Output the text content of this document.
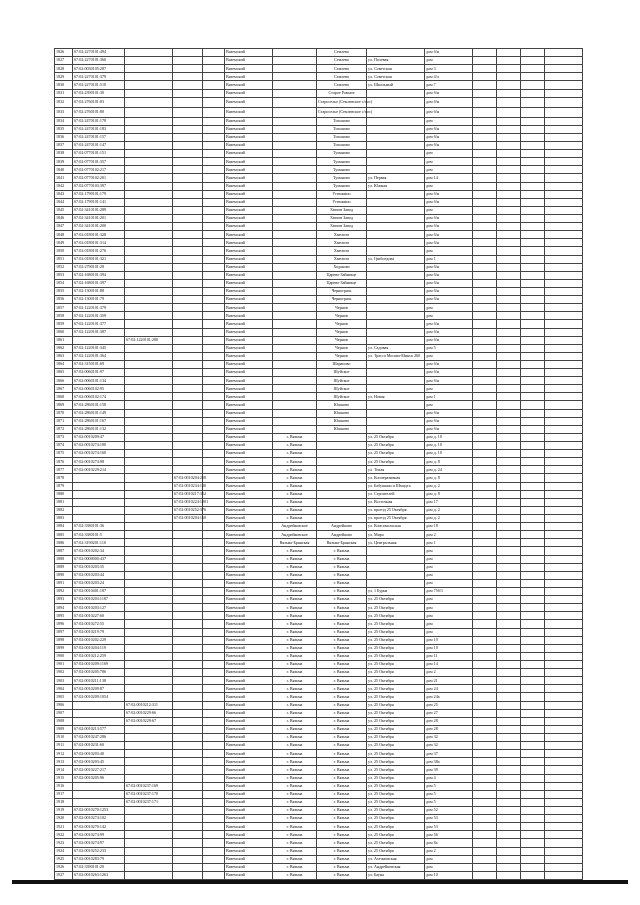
1826	67:02:2270101:494				Вяземский		Семлево		дом б/н				
1827	67:02:2270101:360				Вяземский		Семлево	ул. Полевая	дом				
1828	67:02:0030105:287				Вяземский		Семлево	ул. Советская	дом 3				
1829	67:02:2270101:379				Вяземский		Семлево	ул. Советская	дом 4/л				
1830	67:02:2270101:510				Вяземский		Семлево	ул. Школьный	дом 7				
1831	67:02:2390101:30				Вяземский		Старое Рамное		дом б/н				
1832	67:02:2760101:83				Вяземский		Староселье (Семлевское с/пос)		дом б/н				
1833	67:02:2760101:80				Вяземский		Староселье (Семлевское с/пос)		дом б/н				
1834	67:02:2470101:178				Вяземский		Тихоново		дом				
1835	67:02:2470101:183				Вяземский		Тихоново		дом б/н				
1836	67:02:2470101:157				Вяземский		Тихоново		дом б/н				
1837	67:02:2470101:147				Вяземский		Тихоново		дом б/н				
1838	67:02:0770101:151				Вяземский		Туманово		дом				
1839	67:02:0770101:357				Вяземский		Туманово		дом				
1840	67:02:0770102:217				Вяземский		Туманово		дом				
1841	67:02:0770102:201				Вяземский		Туманово	ул. Первая	дом 14				
1842	67:02:0770103:397				Вяземский		Туманово	ул. Южная	дом				
1843	67:02:1790101:179				Вяземский		Устюжино		дом б/н				
1844	67:02:1790101:141				Вяземский		Устюжино		дом б/н				
1845	67:02:3410101:289				Вяземский		Хватов Завод		дом				
1846	67:02:3410101:201				Вяземский		Хватов Завод		дом б/н				
1847	67:02:3410101:200				Вяземский		Хватов Завод		дом б/н				
1848	67:02:0180101:328				Вяземский		Хмелита		дом б/н				
1849	67:02:0180101:314				Вяземский		Хмелита		дом б/н				
1850	67:02:0180101:276				Вяземский		Хмелита		дом				
1851	67:02:0180101:321				Вяземский		Хмелита	ул. Грибоедова	дом 1				
1852	67:02:2790101:28				Вяземский		Ходаково		дом б/н				
1853	67:02:1680101:394				Вяземский		Царево-Займище		дом б/н				
1854	67:02:1680101:397				Вяземский		Царево-Займище		дом б/н				
1855	67:02:1300101:88				Вяземский		Черногрязь		дом б/н				
1856	67:02:1300101:79				Вяземский		Черногрязь		дом б/н				
1857	67:02:1220101:379				Вяземский		Чернов		дом				
1858	67:02:1220101:359				Вяземский		Чернов		дом				
1859	67:02:1220101:377				Вяземский		Чернов		дом б/н				
1860	67:02:1220101:387				Вяземский		Чернов		дом б/н				
1861		67:02:1220101:280			Вяземский		Чернов		дом б/н				
1862	67:02:1220101:345				Вяземский		Чернов	ул. Садовая	дом 5				
1863	67:02:1220101:364				Вяземский		Чернов	ул. Трасса Москва-Минск 260	дом				
1864	67:02:3150101:69				Вяземский		Шарапово		дом б/н				
1865	67:02:0060101:97				Вяземский		Шуйское		дом б/н				
1866	67:02:0060101:134				Вяземский		Шуйское		дом б/н				
1867	67:02:0060102:95				Вяземский		Шуйское		дом				
1868	67:02:0060102:174				Вяземский		Шуйское	ул. Новая	дом 1				
1869	67:02:2860101:158				Вяземский		Юшково		дом				
1870	67:02:2860101:149				Вяземский		Юшково		дом б/н				
1871	67:02:2860101:167				Вяземский		Юшково		дом б/н				
1872	67:02:2860101:132				Вяземский		Юшково		дом б/н				
1873	67:02:0010209:47				Вяземский	г. Вязьма		ул. 25 Октября	дом д. 10				
1874	67:02:0010274:180				Вяземский	г. Вязьма		ул. 25 Октября	дом д. 10				
1875	67:02:0010274:160				Вяземский	г. Вязьма		ул. 25 Октября	дом д. 10				
1876	67:02:0010274:98				Вяземский	г. Вязьма		ул. 25 Октября	дом д. 8				
1877	67:02:0010229:214				Вяземский	г. Вязьма		ул. Тихая	дом д. 24				
1878			67:02:0010204:258		Вяземский	г. Вязьма		ул. Кооперативная	дом д. 8				
1879			67:02:0010234:120		Вяземский	г. Вязьма		ул. Бабушкин и Шмидта	дом д. 2				
1880			67:02:0010217:352		Вяземский	г. Вязьма		ул. Строителей	дом д. 8				
1881			67:02:0010224:1001		Вяземский	г. Вязьма		ул. Восточная	дом 17				
1882			67:02:0010252:376		Вяземский	г. Вязьма		ул. проезд 25 Октября	дом д. 2				
1883			67:02:0010204:160		Вяземский	г. Вязьма		ул. проезд 25 Октября	дом д. 2				
1884	67:02:3380101:36				Вяземский	Андрейковское	Андрейково	ул. Комсомольская	дом 18				
1885	67:02:3380101:5				Вяземский	Андрейковское	Андрейково	ул. Мира	дом 2				
1886	67:02:3190201:110				Вяземский	Вязьма-Брянская	Вязьма-Брянская	ул. Центральная	дом 1				
1887	67:02:0010202:34				Вяземский	г. Вязьма	г. Вязьма		дом				
1888	67:02:0000000:437				Вяземский	г. Вязьма	г. Вязьма		дом				
1889	67:02:0010203:35				Вяземский	г. Вязьма	г. Вязьма		дом				
1890	67:02:0010203:44				Вяземский	г. Вязьма	г. Вязьма		дом				
1891	67:02:0010203:24				Вяземский	г. Вязьма	г. Вязьма		дом				
1892	67:02:0010401:187				Вяземский	г. Вязьма	г. Вязьма	ул. 1 Бурна	дом 75б/1				
1893	67:02:0010203:1187				Вяземский	г. Вязьма	г. Вязьма	ул. 25 Октября	дом				
1894	67:02:0010203:127				Вяземский	г. Вязьма	г. Вязьма	ул. 25 Октября	дом				
1895	67:02:0010227:60				Вяземский	г. Вязьма	г. Вязьма	ул. 25 Октября	дом				
1896	67:02:0010272:55				Вяземский	г. Вязьма	г. Вязьма	ул. 25 Октября	дом				
1897	67:02:0010219:79				Вяземский	г. Вязьма	г. Вязьма	ул. 25 Октября	дом				
1898	67:02:0010202:229				Вяземский	г. Вязьма	г. Вязьма	ул. 25 Октября	дом 10				
1899	67:02:0010204:119				Вяземский	г. Вязьма	г. Вязьма	ул. 25 Октября	дом 10				
1900	67:02:0010212:259				Вяземский	г. Вязьма	г. Вязьма	ул. 25 Октября	дом 11				
1901	67:02:0010209:1169				Вяземский	г. Вязьма	г. Вязьма	ул. 25 Октября	дом 14				
1902	67:02:0010205:786				Вяземский	г. Вязьма	г. Вязьма	ул. 25 Октября	дом 2				
1903	67:02:0010211:138				Вяземский	г. Вязьма	г. Вязьма	ул. 25 Октября	дом 21				
1904	67:02:0010209:87				Вяземский	г. Вязьма	г. Вязьма	ул. 25 Октября	дом 24				
1905	67:02:0010209:1054				Вяземский	г. Вязьма	г. Вязьма	ул. 25 Октября	дом 24а				
1906		67:02:0010212:311			Вяземский	г. Вязьма	г. Вязьма	ул. 25 Октября	дом 25				
1907		67:02:0010229:66			Вяземский	г. Вязьма	г. Вязьма	ул. 25 Октября	дом 27				
1908		67:02:0010229:67			Вяземский	г. Вязьма	г. Вязьма	ул. 25 Октября	дом 28				
1909	67:02:0010213:577				Вяземский	г. Вязьма	г. Вязьма	ул. 25 Октября	дом 28				
1910	67:02:0010247:286				Вяземский	г. Вязьма	г. Вязьма	ул. 25 Октября	дом 32				
1911	67:02:0010231:60				Вяземский	г. Вязьма	г. Вязьма	ул. 25 Октября	дом 32				
1912	67:02:0010203:40				Вяземский	г. Вязьма	г. Вязьма	ул. 25 Октября	дом 37				
1913	67:02:0010203:45				Вяземский	г. Вязьма	г. Вязьма	ул. 25 Октября	дом 38а				
1914	67:02:0010227:217				Вяземский	г. Вязьма	г. Вязьма	ул. 25 Октября	дом 39				
1915	67:02:0010205:96				Вяземский	г. Вязьма	г. Вязьма	ул. 25 Октября	дом 4				
1916		67:02:0010237:169			Вяземский	г. Вязьма	г. Вязьма	ул. 25 Октября	дом 5				
1917		67:02:0010237:170			Вяземский	г. Вязьма	г. Вязьма	ул. 25 Октября	дом 5				
1918		67:02:0010237:171			Вяземский	г. Вязьма	г. Вязьма	ул. 25 Октября	дом 5				
1919	67:02:0010270:1253				Вяземский	г. Вязьма	г. Вязьма	ул. 25 Октября	дом 52				
1920	67:02:0010274:102				Вяземский	г. Вязьма	г. Вязьма	ул. 25 Октября	дом 53				
1921	67:02:0010270:142				Вяземский	г. Вязьма	г. Вязьма	ул. 25 Октября	дом 53				
1922	67:02:0010274:99				Вяземский	г. Вязьма	г. Вязьма	ул. 25 Октября	дом 56				
1923	67:02:0010274:97				Вяземский	г. Вязьма	г. Вязьма	ул. 25 Октября	дом 8а				
1924	67:02:0010252:233				Вяземский	г. Вязьма	г. Вязьма	ул. 25 Октября	дом 2				
1925	67:02:0010283:79				Вяземский	г. Вязьма	г. Вязьма	ул. Ахтомовская	дом				
1926	67:02:3390101:20				Вяземский	г. Вязьма	г. Вязьма	ул. Андрейковская	дом				
1927	67:02:0010263:1263				Вяземский	г. Вязьма	г. Вязьма	ул. Бауна	дом 10				
